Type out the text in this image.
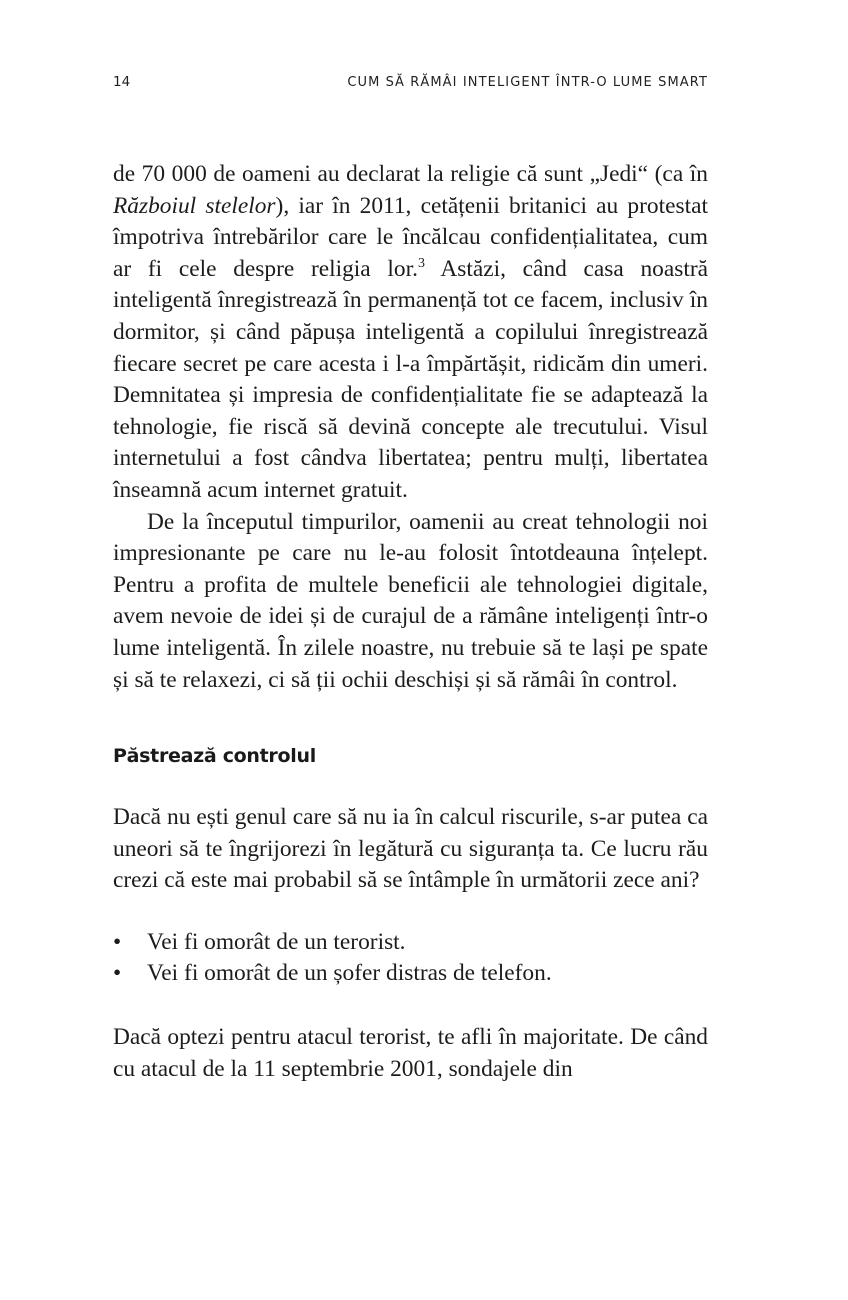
14	CUM SĂ RĂMÂI INTELIGENT ÎNTR-O LUME SMART

de 70 000 de oameni au declarat la religie că sunt „Jedi“ (ca în Războiul stelelor), iar în 2011, cetățenii britanici au protestat împotriva întrebărilor care le încălcau confidențialitatea, cum ar fi cele despre religia lor.$^3$ Astăzi, când casa noastră inteligentă înregistrează în permanență tot ce facem, inclusiv în dormitor, și când păpușa inteligentă a copilului înregistrează fiecare secret pe care acesta i l-a împărtășit, ridicăm din umeri. Demnitatea și impresia de confidențialitate fie se adaptează la tehnologie, fie riscă să devină concepte ale trecutului. Visul internetului a fost cândva libertatea; pentru mulți, libertatea înseamnă acum internet gratuit.

De la începutul timpurilor, oamenii au creat tehnologii noi impresionante pe care nu le-au folosit întotdeauna înțelept. Pentru a profita de multele beneficii ale tehnologiei digitale, avem nevoie de idei și de curajul de a rămâne inteligenți într-o lume inteligentă. În zilele noastre, nu trebuie să te lași pe spate și să te relaxezi, ci să ții ochii deschiși și să rămâi în control.

Păstrează controlul

Dacă nu ești genul care să nu ia în calcul riscurile, s-ar putea ca uneori să te îngrijorezi în legătură cu siguranța ta. Ce lucru rău crezi că este mai probabil să se întâmple în următorii zece ani?

• Vei fi omorât de un terorist.
• Vei fi omorât de un șofer distras de telefon.

Dacă optezi pentru atacul terorist, te afli în majoritate. De când cu atacul de la 11 septembrie 2001, sondajele din
